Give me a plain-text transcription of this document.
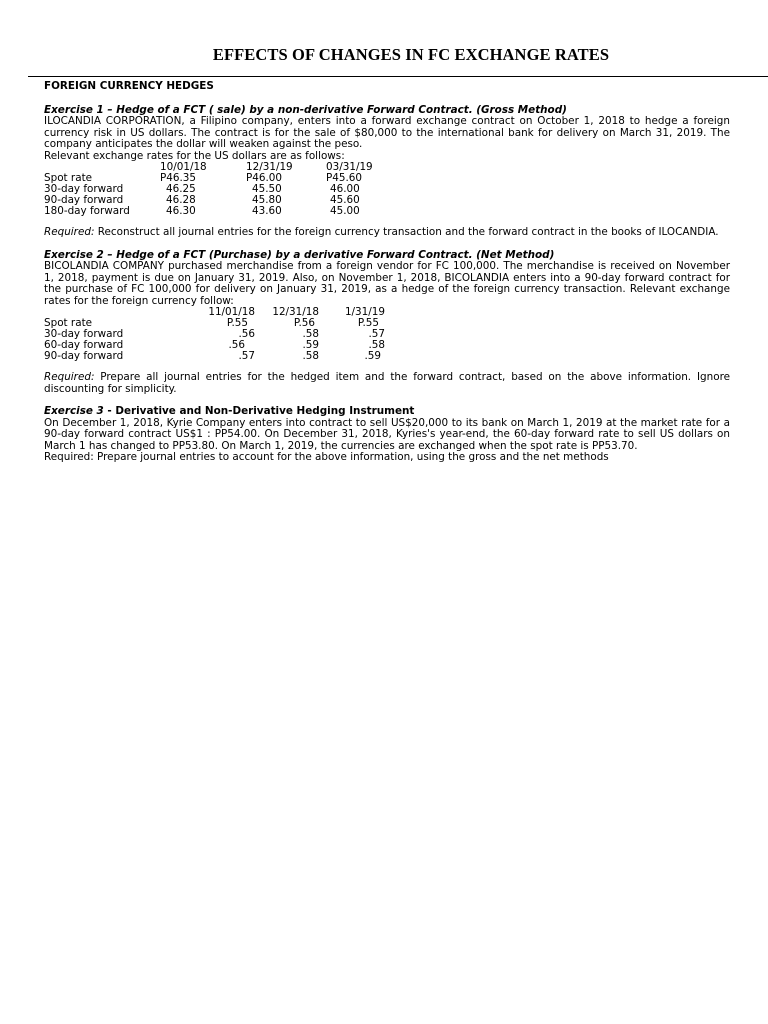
EFFECTS OF CHANGES IN FC EXCHANGE RATES
FOREIGN CURRENCY HEDGES
Exercise 1 – Hedge of a FCT ( sale) by a non-derivative Forward Contract. (Gross Method)

ILOCANDIA CORPORATION, a Filipino company, enters into a forward exchange contract on October 1, 2018 to hedge a foreign currency risk in US dollars. The contract is for the sale of $80,000 to the international bank for delivery on March 31, 2019. The company anticipates the dollar will weaken against the peso.

Relevant exchange rates for the US dollars are as follows:
	10/01/18	12/31/19	03/31/19
Spot rate	P46.35	P46.00	P45.60
30-day forward	46.25	45.50	46.00
90-day forward	46.28	45.80	45.60
180-day forward	46.30	43.60	45.00

Required: Reconstruct all journal entries for the foreign currency transaction and the forward contract in the books of ILOCANDIA.

Exercise 2 – Hedge of a FCT (Purchase) by a derivative Forward Contract. (Net Method)

BICOLANDIA COMPANY purchased merchandise from a foreign vendor for FC 100,000. The merchandise is received on November 1, 2018, payment is due on January 31, 2019. Also, on November 1, 2018, BICOLANDIA enters into a 90-day forward contract for the purchase of FC 100,000 for delivery on January 31, 2019, as a hedge of the foreign currency transaction. Relevant exchange rates for the foreign currency follow:

	11/01/18	12/31/18	1/31/19
Spot rate	P.55	P.56	P.55
30-day forward	.56	.58	.57
60-day forward	.56	.59	.58
90-day forward	.57	.58	.59

Required: Prepare all journal entries for the hedged item and the forward contract, based on the above information. Ignore discounting for simplicity.

Exercise 3 - Derivative and Non-Derivative Hedging Instrument

On December 1, 2018, Kyrie Company enters into contract to sell US$20,000 to its bank on March 1, 2019 at the market rate for a 90-day forward contract US$1 : PP54.00. On December 31, 2018, Kyries's year-end, the 60-day forward rate to sell US dollars on March 1 has changed to PP53.80. On March 1, 2019, the currencies are exchanged when the spot rate is PP53.70.

Required: Prepare journal entries to account for the above information, using the gross and the net methods
